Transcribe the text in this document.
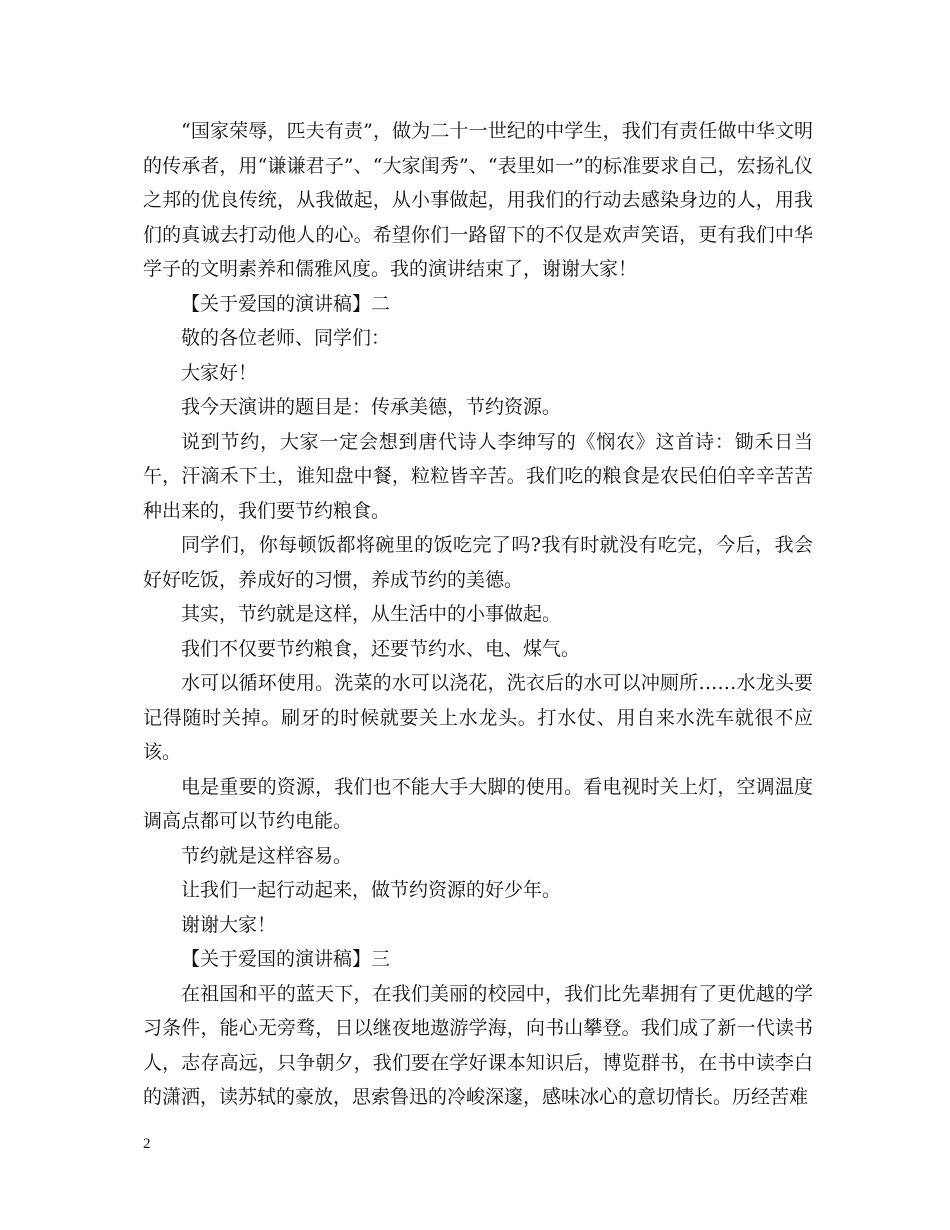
“国家荣辱，匹夫有责”，做为二十一世纪的中学生，我们有责任做中华文明的传承者，用“谦谦君子”、“大家闺秀”、“表里如一”的标准要求自己，宏扬礼仪之邦的优良传统，从我做起，从小事做起，用我们的行动去感染身边的人，用我们的真诚去打动他人的心。希望你们一路留下的不仅是欢声笑语，更有我们中华学子的文明素养和儒雅风度。我的演讲结束了，谢谢大家！

【关于爱国的演讲稿】二

敬的各位老师、同学们：

大家好！

我今天演讲的题目是：传承美德，节约资源。

说到节约，大家一定会想到唐代诗人李绅写的《悯农》这首诗：锄禾日当午，汗滴禾下土，谁知盘中餐，粒粒皆辛苦。我们吃的粮食是农民伯伯辛辛苦苦种出来的，我们要节约粮食。

同学们，你每顿饭都将碗里的饭吃完了吗?我有时就没有吃完，今后，我会好好吃饭，养成好的习惯，养成节约的美德。

其实，节约就是这样，从生活中的小事做起。

我们不仅要节约粮食，还要节约水、电、煤气。

水可以循环使用。洗菜的水可以浇花，洗衣后的水可以冲厕所……水龙头要记得随时关掉。刷牙的时候就要关上水龙头。打水仗、用自来水洗车就很不应该。

电是重要的资源，我们也不能大手大脚的使用。看电视时关上灯，空调温度调高点都可以节约电能。

节约就是这样容易。

让我们一起行动起来，做节约资源的好少年。

谢谢大家！

【关于爱国的演讲稿】三

在祖国和平的蓝天下，在我们美丽的校园中，我们比先辈拥有了更优越的学习条件，能心无旁骛，日以继夜地遨游学海，向书山攀登。我们成了新一代读书人，志存高远，只争朝夕，我们要在学好课本知识后，博览群书，在书中读李白的潇洒，读苏轼的豪放，思索鲁迅的冷峻深邃，感味冰心的意切情长。历经苦难

2
